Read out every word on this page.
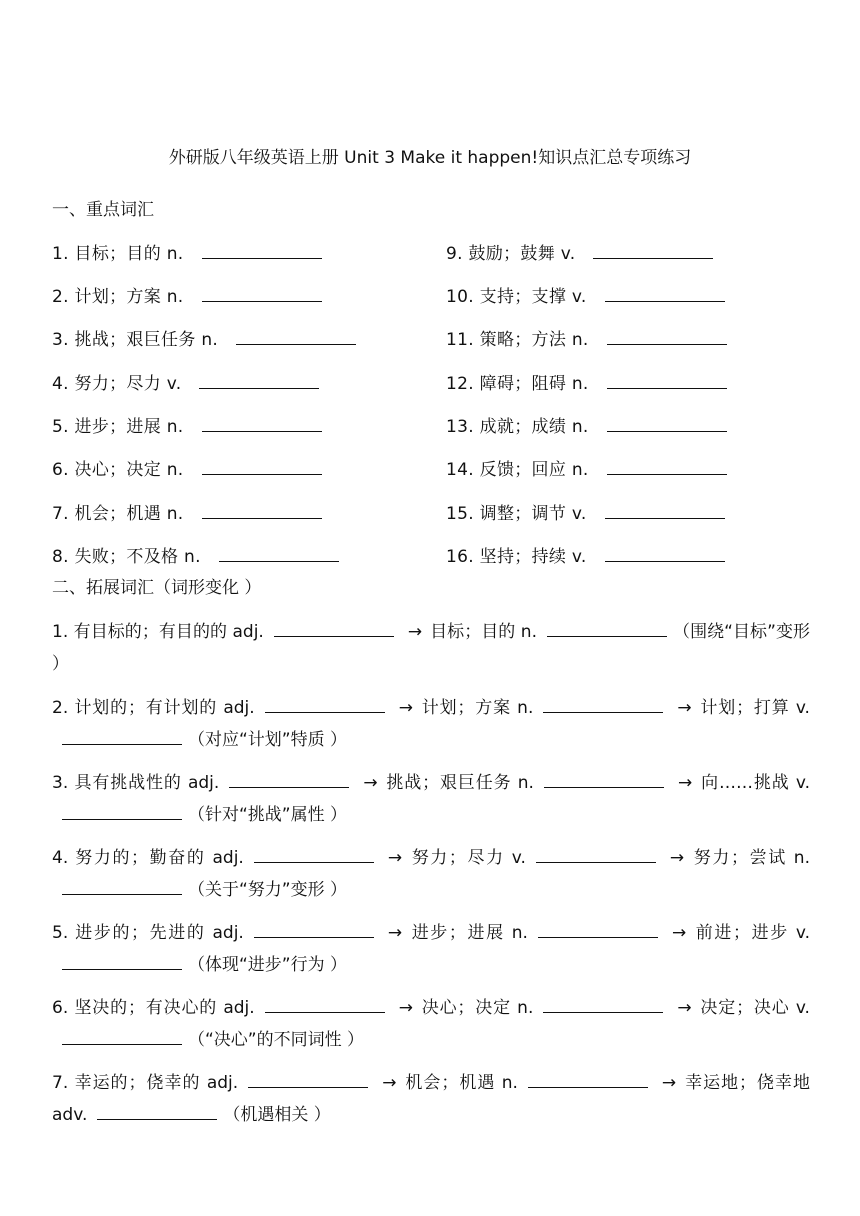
外研版八年级英语上册 Unit 3 Make it happen!知识点汇总专项练习
一、重点词汇
1. 目标；目的 n.	9. 鼓励；鼓舞 v.
2. 计划；方案 n.	10. 支持；支撑 v.
3. 挑战；艰巨任务 n.	11. 策略；方法 n.
4. 努力；尽力 v.	12. 障碍；阻碍 n.
5. 进步；进展 n.	13. 成就；成绩 n.
6. 决心；决定 n.	14. 反馈；回应 n.
7. 机会；机遇 n.	15. 调整；调节 v.
8. 失败；不及格 n.	16. 坚持；持续 v.
二、拓展词汇（词形变化 ）
1. 有目标的；有目的的 adj.	→ 目标；目的 n.	（围绕“目标”变形 ）
2. 计划的；有计划的 adj.	→ 计划；方案 n.	→ 计划；打算 v.（对应“计划”特质 ）
3. 具有挑战性的 adj.	→ 挑战；艰巨任务 n.	→ 向……挑战 v.（针对“挑战”属性 ）
4. 努力的；勤奋的 adj.	→ 努力；尽力 v.	→ 努力；尝试 n.（关于“努力”变形 ）
5. 进步的；先进的 adj.	→ 进步；进展 n.	→ 前进；进步 v.（体现“进步”行为 ）
6. 坚决的；有决心的 adj.	→ 决心；决定 n.	→ 决定；决心 v.（“决心”的不同词性 ）
7. 幸运的；侥幸的 adj.	→ 机会；机遇 n.	→ 幸运地；侥幸地 adv.	（机遇相关 ）
